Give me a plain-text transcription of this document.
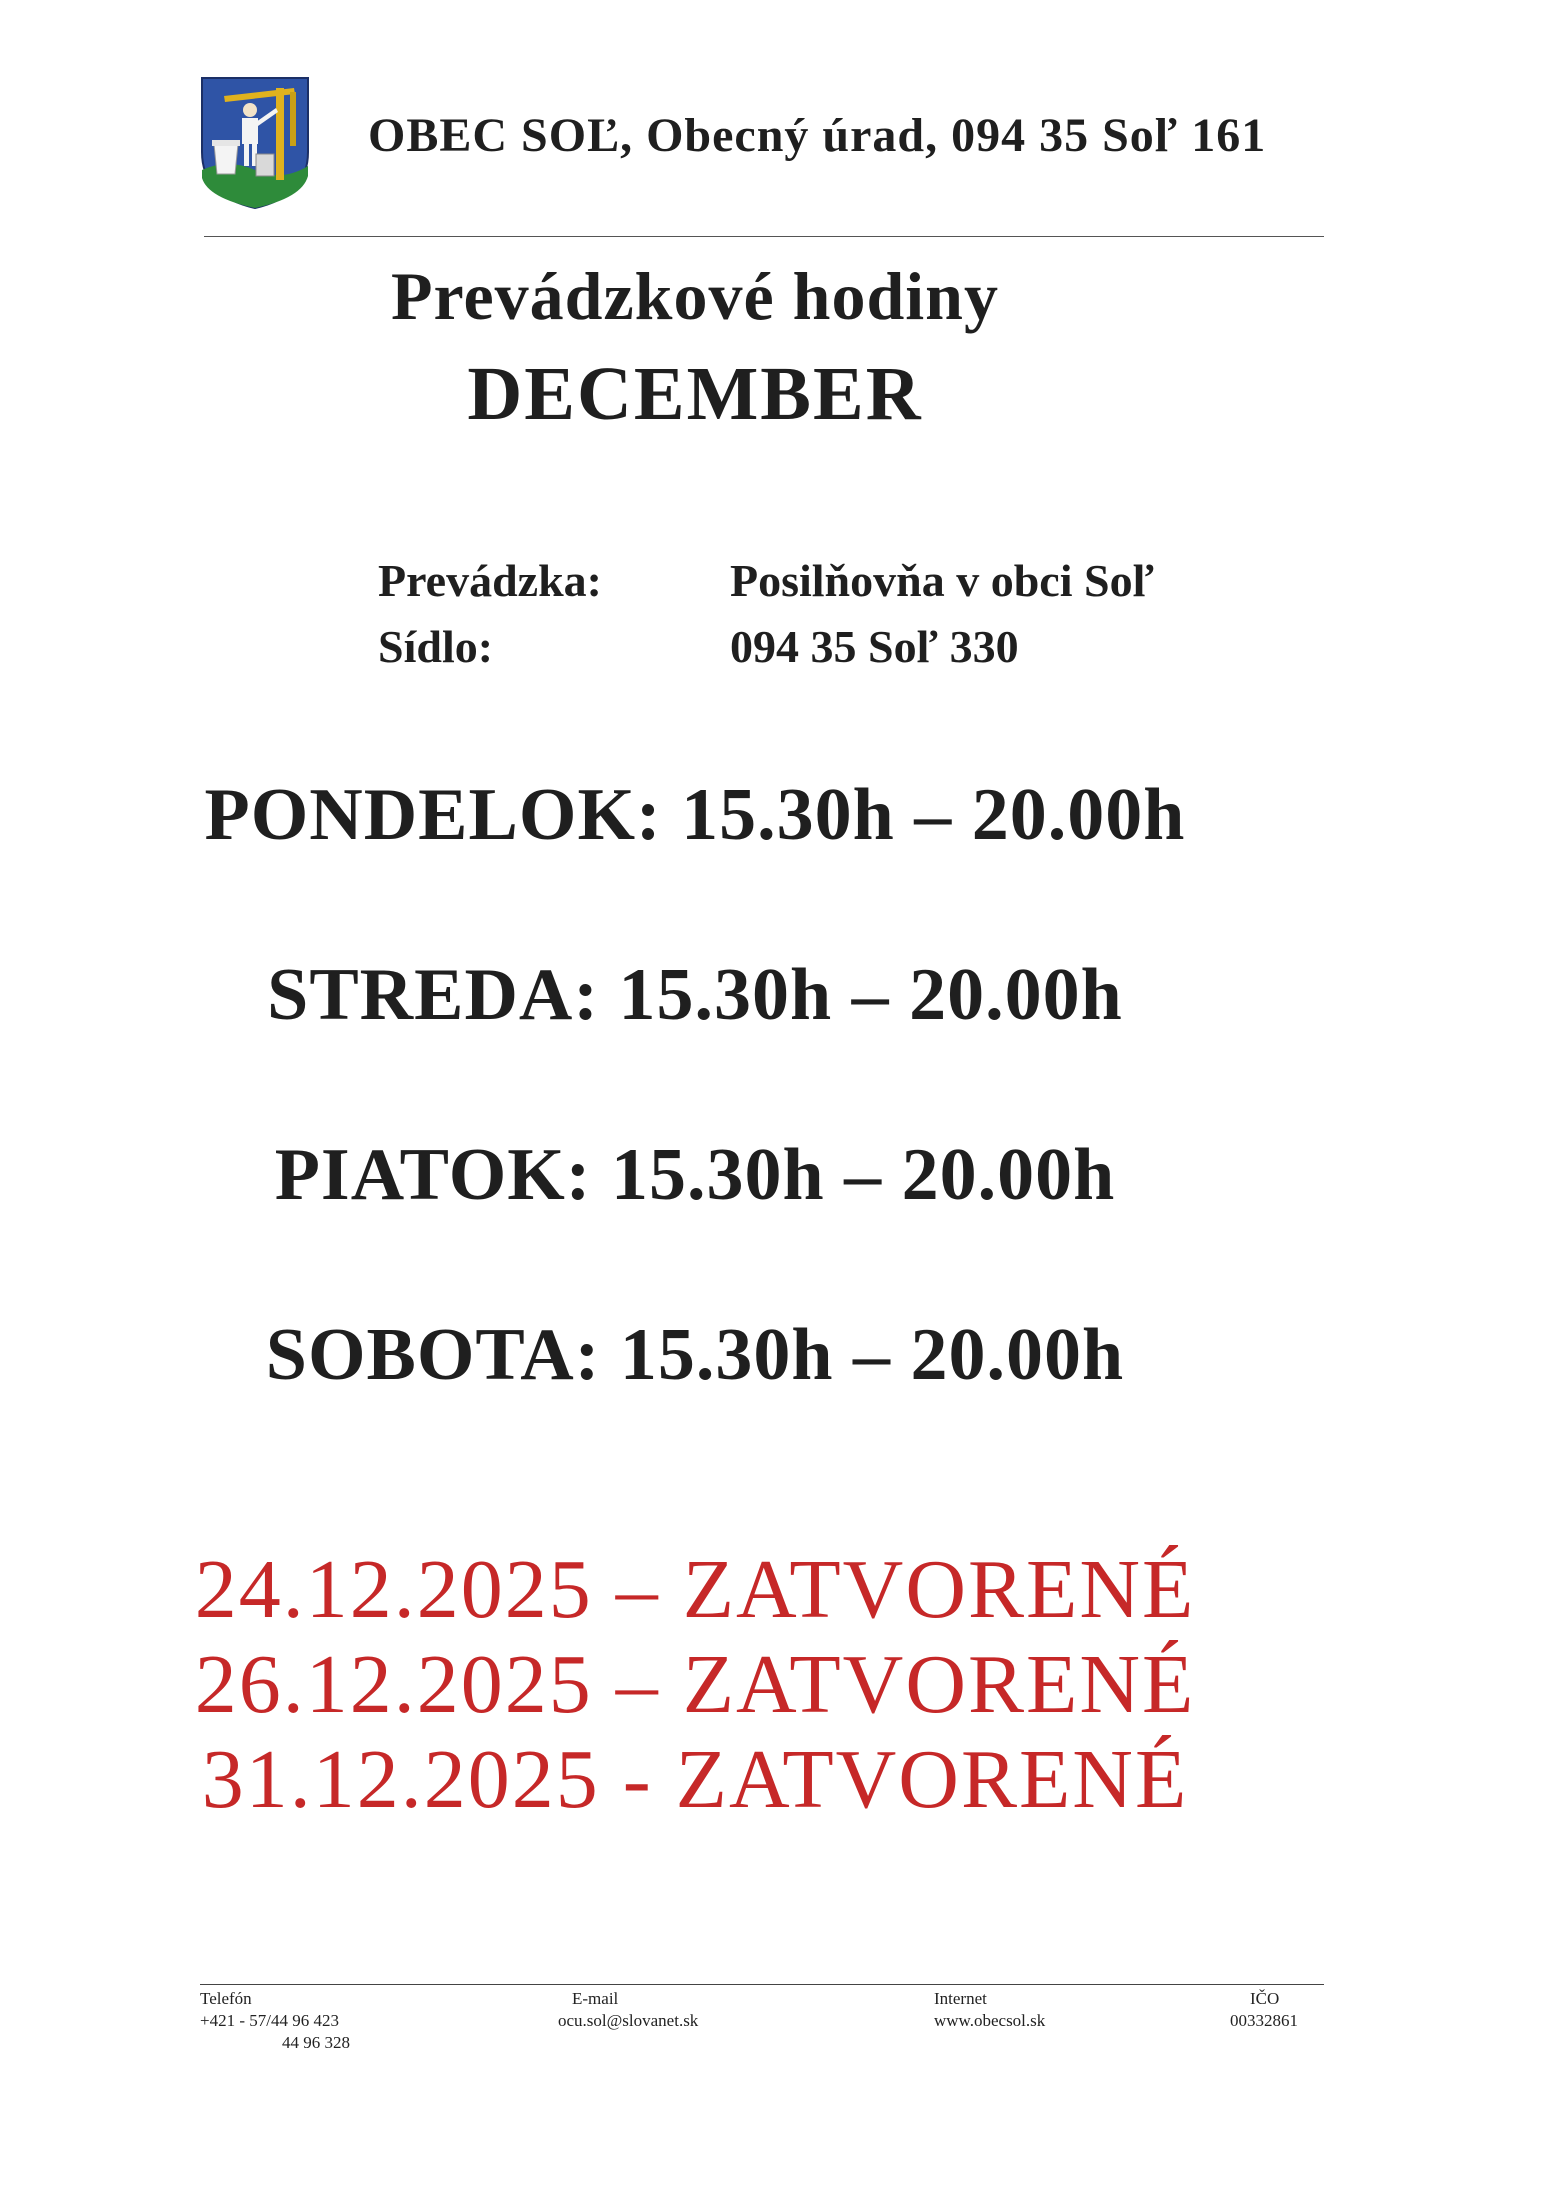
OBEC SOĽ, Obecný úrad, 094 35 Soľ 161
Prevádzkové hodiny
DECEMBER
Prevádzka:	Posilňovňa v obci Soľ
Sídlo:	094 35 Soľ 330
PONDELOK: 15.30h – 20.00h
STREDA: 15.30h – 20.00h
PIATOK: 15.30h – 20.00h
SOBOTA: 15.30h – 20.00h
24.12.2025 – ZATVORENÉ
26.12.2025 – ZATVORENÉ
31.12.2025 - ZATVORENÉ
Telefón
+421 - 57/44 96 423
44 96 328
E-mail
ocu.sol@slovanet.sk
Internet
www.obecsol.sk
IČO
00332861
